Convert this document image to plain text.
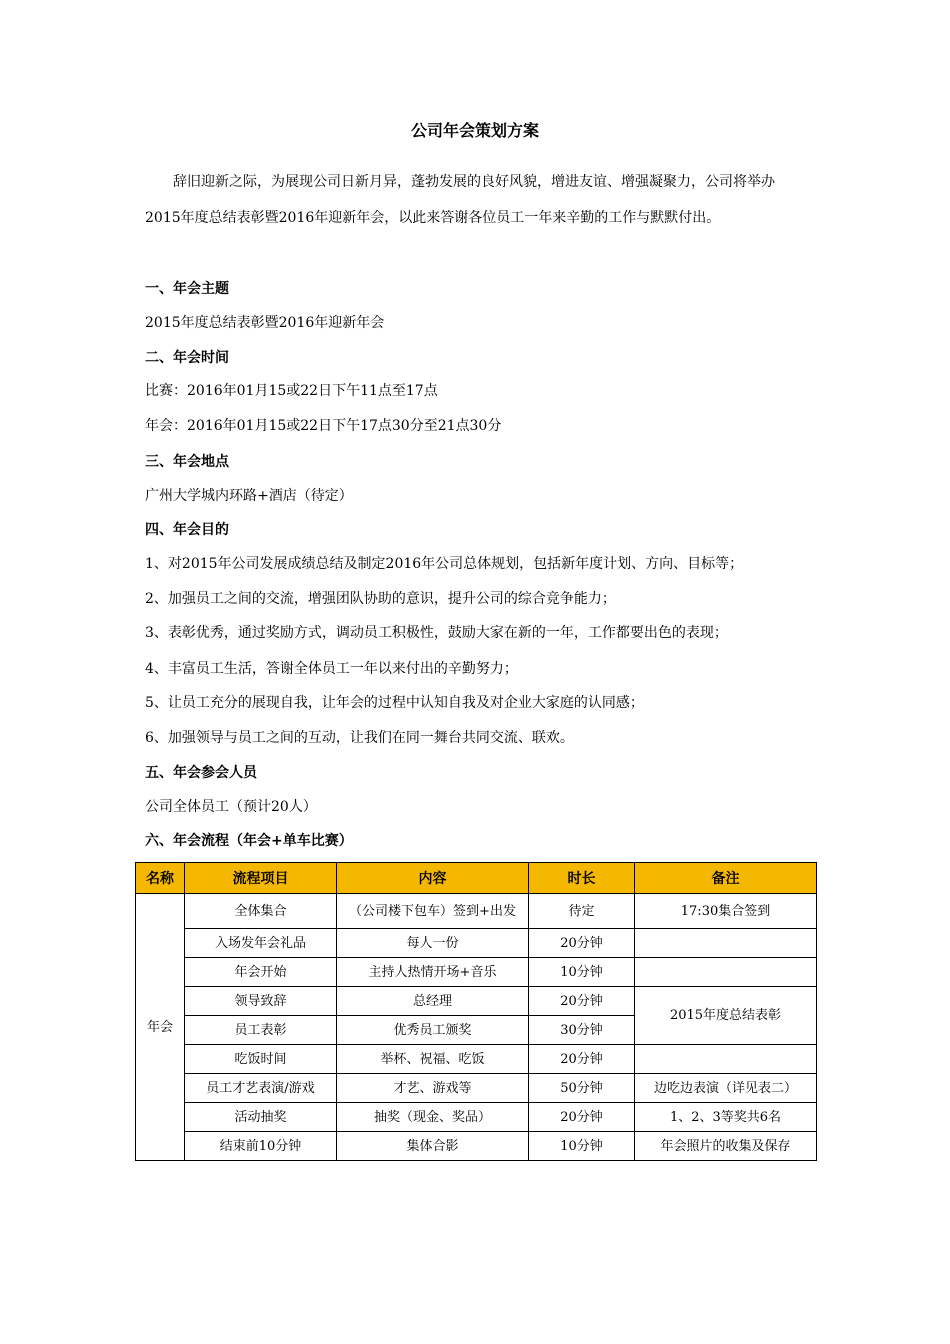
公司年会策划方案
辞旧迎新之际，为展现公司日新月异，蓬勃发展的良好风貌，增进友谊、增强凝聚力，公司将举办2015年度总结表彰暨2016年迎新年会，以此来答谢各位员工一年来辛勤的工作与默默付出。
一、年会主题
2015年度总结表彰暨2016年迎新年会
二、年会时间
比赛：2016年01月15或22日下午11点至17点
年会：2016年01月15或22日下午17点30分至21点30分
三、年会地点
广州大学城内环路+酒店（待定）
四、年会目的
1、对2015年公司发展成绩总结及制定2016年公司总体规划，包括新年度计划、方向、目标等；
2、加强员工之间的交流，增强团队协助的意识，提升公司的综合竞争能力；
3、表彰优秀，通过奖励方式，调动员工积极性，鼓励大家在新的一年，工作都要出色的表现；
4、丰富员工生活，答谢全体员工一年以来付出的辛勤努力；
5、让员工充分的展现自我，让年会的过程中认知自我及对企业大家庭的认同感；
6、加强领导与员工之间的互动，让我们在同一舞台共同交流、联欢。
五、年会参会人员
公司全体员工（预计20人）
六、年会流程（年会+单车比赛）
名称	流程项目	内容	时长	备注
年会	全体集合	（公司楼下包车）签到+出发	待定	17:30集合签到
	入场发年会礼品	每人一份	20分钟	
	年会开始	主持人热情开场+音乐	10分钟	
	领导致辞	总经理	20分钟	2015年度总结表彰
	员工表彰	优秀员工颁奖	30分钟	
	吃饭时间	举杯、祝福、吃饭	20分钟	
	员工才艺表演/游戏	才艺、游戏等	50分钟	边吃边表演（详见表二）
	活动抽奖	抽奖（现金、奖品）	20分钟	1、2、3等奖共6名
	结束前10分钟	集体合影	10分钟	年会照片的收集及保存
